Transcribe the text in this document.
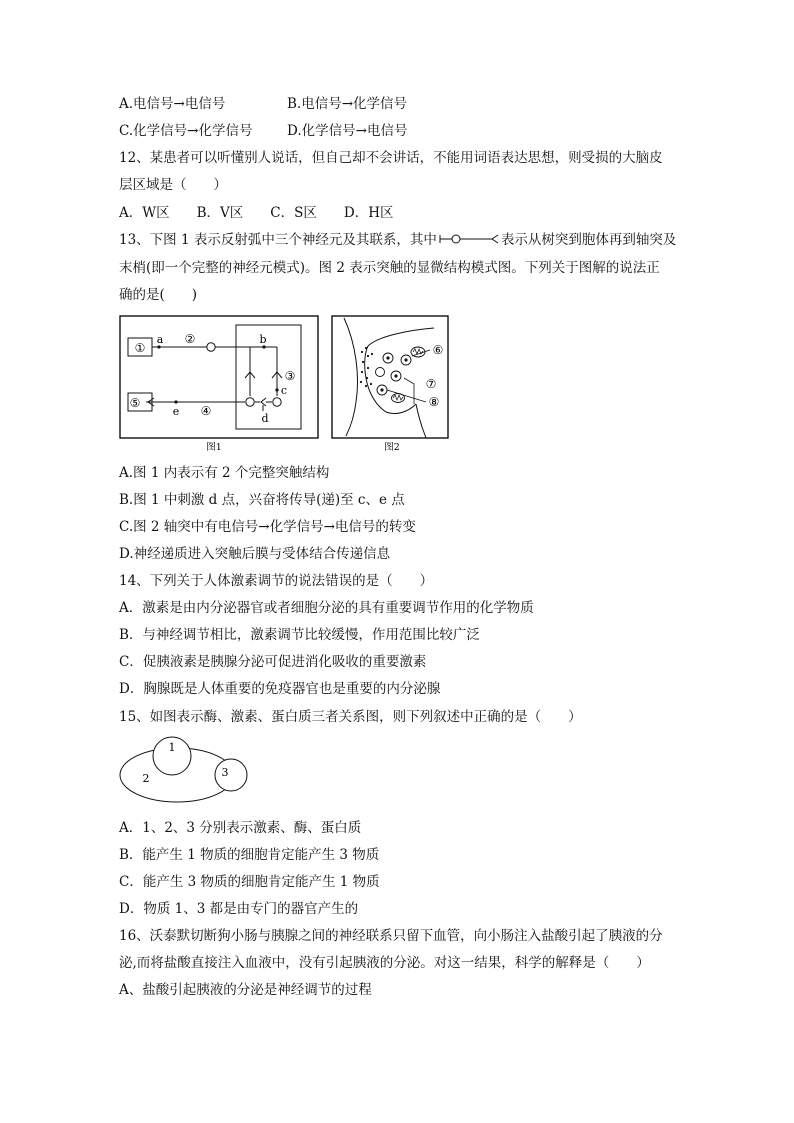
A.电信号→电信号	B.电信号→化学信号
C.化学信号→化学信号	D.化学信号→电信号
12、某患者可以听懂别人说话，但自己却不会讲话，不能用词语表达思想，则受损的大脑皮
层区域是（　　）
A．W区　　B．V区　　C．S区　　D．H区
13、下图 1 表示反射弧中三个神经元及其联系，其中	表示从树突到胞体再到轴突及
末梢(即一个完整的神经元模式)。图 2 表示突触的显微结构模式图。下列关于图解的说法正
确的是(　　)
①
⑤
a ②	b
③
c
d
e ④
图1
⑥
⑦
⑧
图2
A.图 1 内表示有 2 个完整突触结构
B.图 1 中刺激 d 点，兴奋将传导(递)至 c、e 点
C.图 2 轴突中有电信号→化学信号→电信号的转变
D.神经递质进入突触后膜与受体结合传递信息
14、下列关于人体激素调节的说法错误的是（　　）
A．激素是由内分泌器官或者细胞分泌的具有重要调节作用的化学物质
B．与神经调节相比，激素调节比较缓慢，作用范围比较广泛
C．促胰液素是胰腺分泌可促进消化吸收的重要激素
D．胸腺既是人体重要的免疫器官也是重要的内分泌腺
15、如图表示酶、激素、蛋白质三者关系图，则下列叙述中正确的是（　　）
1
2	3
A．1、2、3 分别表示激素、酶、蛋白质
B．能产生 1 物质的细胞肯定能产生 3 物质
C．能产生 3 物质的细胞肯定能产生 1 物质
D．物质 1、3 都是由专门的器官产生的
16、沃泰默切断狗小肠与胰腺之间的神经联系只留下血管，向小肠注入盐酸引起了胰液的分
泌,而将盐酸直接注入血液中，没有引起胰液的分泌。对这一结果，科学的解释是（　　）
A、盐酸引起胰液的分泌是神经调节的过程
